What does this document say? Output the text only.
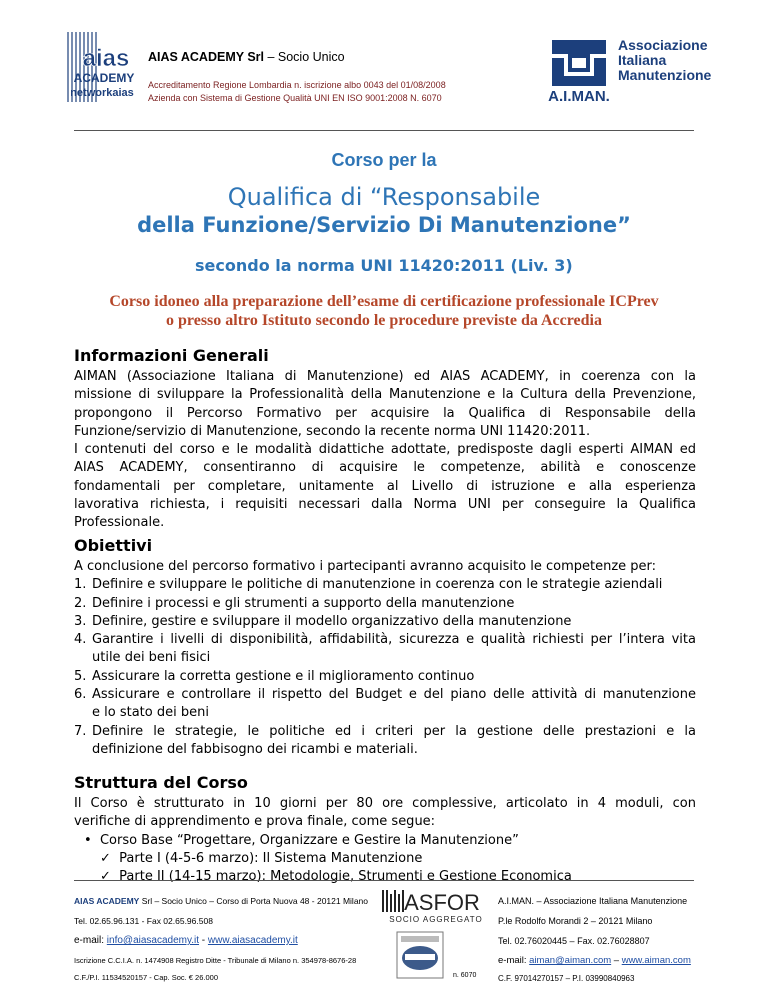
aias
ACADEMY
networkaias
AIAS ACADEMY Srl – Socio Unico
Accreditamento Regione Lombardia n. iscrizione albo 0043 del 01/08/2008
Azienda con Sistema di Gestione Qualità UNI EN ISO 9001:2008 N. 6070	A.I.MAN.
Associazione
Italiana
Manutenzione
Corso per la
Qualifica di “Responsabile
della Funzione/Servizio Di Manutenzione”
secondo la norma UNI 11420:2011 (Liv. 3)
Corso idoneo alla preparazione dell’esame di certificazione professionale ICPrev
o presso altro Istituto secondo le procedure previste da Accredia
Informazioni Generali
AIMAN (Associazione Italiana di Manutenzione) ed AIAS ACADEMY, in coerenza con la
missione di sviluppare la Professionalità della Manutenzione e la Cultura della Prevenzione,
propongono il Percorso Formativo per acquisire la Qualifica di Responsabile della
Funzione/servizio di Manutenzione, secondo la recente norma UNI 11420:2011.
I contenuti del corso e le modalità didattiche adottate, predisposte dagli esperti AIMAN ed
AIAS ACADEMY, consentiranno di acquisire le competenze, abilità e conoscenze
fondamentali per completare, unitamente al Livello di istruzione e alla esperienza
lavorativa richiesta, i requisiti necessari dalla Norma UNI per conseguire la Qualifica
Professionale.
Obiettivi
A conclusione del percorso formativo i partecipanti avranno acquisito le competenze per:
1. Definire e sviluppare le politiche di manutenzione in coerenza con le strategie aziendali
2. Definire i processi e gli strumenti a supporto della manutenzione
3. Definire, gestire e sviluppare il modello organizzativo della manutenzione
4. Garantire i livelli di disponibilità, affidabilità, sicurezza e qualità richiesti per l’intera vita
utile dei beni fisici
5. Assicurare la corretta gestione e il miglioramento continuo
6. Assicurare e controllare il rispetto del Budget e del piano delle attività di manutenzione
e lo stato dei beni
7. Definire le strategie, le politiche ed i criteri per la gestione delle prestazioni e la
definizione del fabbisogno dei ricambi e materiali.
Struttura del Corso
Il Corso è strutturato in 10 giorni per 80 ore complessive, articolato in 4 moduli, con
verifiche di apprendimento e prova finale, come segue:
• Corso Base “Progettare, Organizzare e Gestire la Manutenzione”
✓ Parte I (4-5-6 marzo): Il Sistema Manutenzione
✓ Parte II (14-15 marzo): Metodologie, Strumenti e Gestione Economica
AIAS ACADEMY Srl – Socio Unico – Corso di Porta Nuova 48 - 20121 Milano
Tel. 02.65.96.131 - Fax 02.65.96.508
e-mail: info@aiasacademy.it - www.aiasacademy.it
Iscrizione C.C.I.A. n. 1474908 Registro Ditte - Tribunale di Milano n. 354978-8676-28
C.F./P.I. 11534520157 - Cap. Soc. € 26.000
ASFOR
SOCIO AGGREGATO
n. 6070
A.I.MAN. – Associazione Italiana Manutenzione
P.le Rodolfo Morandi 2 – 20121 Milano
Tel. 02.76020445 – Fax. 02.76028807
e-mail: aiman@aiman.com – www.aiman.com
C.F. 97014270157 – P.I. 03990840963
